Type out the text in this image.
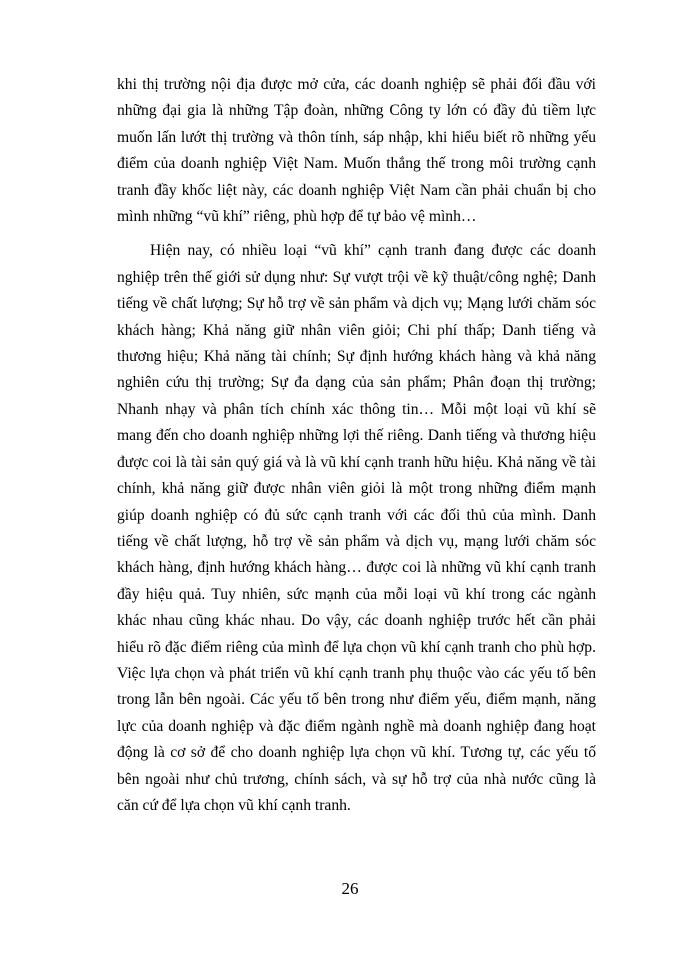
khi thị trường nội địa được mở cửa, các doanh nghiệp sẽ phải đối đầu với những đại gia là những Tập đoàn, những Công ty lớn có đầy đủ tiềm lực muốn lấn lướt thị trường và thôn tính, sáp nhập, khi hiểu biết rõ những yếu điểm của doanh nghiệp Việt Nam. Muốn thắng thế trong môi trường cạnh tranh đầy khốc liệt này, các doanh nghiệp Việt Nam cần phải chuẩn bị cho mình những “vũ khí” riêng, phù hợp để tự bảo vệ mình…

Hiện nay, có nhiều loại “vũ khí” cạnh tranh đang được các doanh nghiệp trên thế giới sử dụng như: Sự vượt trội về kỹ thuật/công nghệ; Danh tiếng về chất lượng; Sự hỗ trợ về sản phẩm và dịch vụ; Mạng lưới chăm sóc khách hàng; Khả năng giữ nhân viên giỏi; Chi phí thấp; Danh tiếng và thương hiệu; Khả năng tài chính; Sự định hướng khách hàng và khả năng nghiên cứu thị trường; Sự đa dạng của sản phẩm; Phân đoạn thị trường; Nhanh nhạy và phân tích chính xác thông tin… Mỗi một loại vũ khí sẽ mang đến cho doanh nghiệp những lợi thế riêng. Danh tiếng và thương hiệu được coi là tài sản quý giá và là vũ khí cạnh tranh hữu hiệu. Khả năng về tài chính, khả năng giữ được nhân viên giỏi là một trong những điểm mạnh giúp doanh nghiệp có đủ sức cạnh tranh với các đối thủ của mình. Danh tiếng về chất lượng, hỗ trợ về sản phẩm và dịch vụ, mạng lưới chăm sóc khách hàng, định hướng khách hàng… được coi là những vũ khí cạnh tranh đầy hiệu quả. Tuy nhiên, sức mạnh của mỗi loại vũ khí trong các ngành khác nhau cũng khác nhau. Do vậy, các doanh nghiệp trước hết cần phải hiểu rõ đặc điểm riêng của mình để lựa chọn vũ khí cạnh tranh cho phù hợp. Việc lựa chọn và phát triển vũ khí cạnh tranh phụ thuộc vào các yếu tố bên trong lẫn bên ngoài. Các yếu tố bên trong như điểm yếu, điểm mạnh, năng lực của doanh nghiệp và đặc điểm ngành nghề mà doanh nghiệp đang hoạt động là cơ sở để cho doanh nghiệp lựa chọn vũ khí. Tương tự, các yếu tố bên ngoài như chủ trương, chính sách, và sự hỗ trợ của nhà nước cũng là căn cứ để lựa chọn vũ khí cạnh tranh.

26
